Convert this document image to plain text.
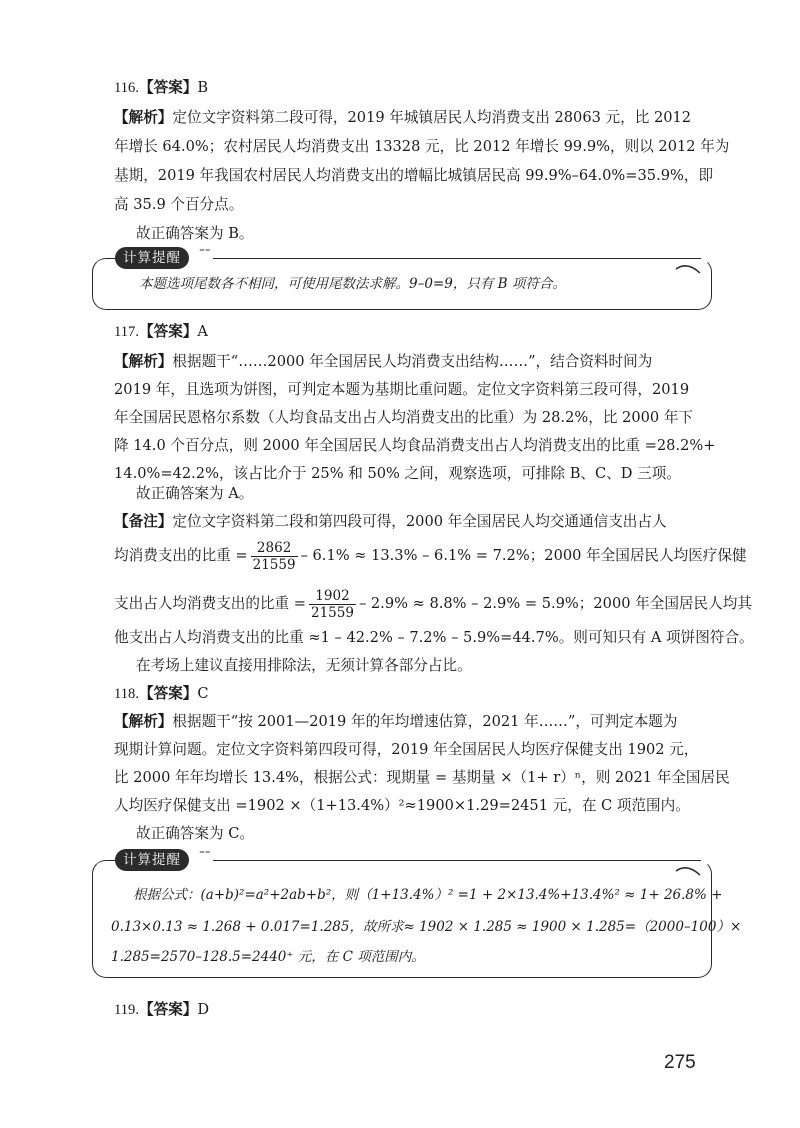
116.【答案】B
【解析】定位文字资料第二段可得，2019 年城镇居民人均消费支出 28063 元，比 2012
年增长 64.0%；农村居民人均消费支出 13328 元，比 2012 年增长 99.9%，则以 2012 年为
基期，2019 年我国农村居民人均消费支出的增幅比城镇居民高 99.9%–64.0%=35.9%，即
高 35.9 个百分点。
故正确答案为 B。
计算提醒	⁼⁼
本题选项尾数各不相同，可使用尾数法求解。9–0=9，只有 B 项符合。
117.【答案】A
【解析】根据题干“……2000 年全国居民人均消费支出结构……”，结合资料时间为
2019 年，且选项为饼图，可判定本题为基期比重问题。定位文字资料第三段可得，2019
年全国居民恩格尔系数（人均食品支出占人均消费支出的比重）为 28.2%，比 2000 年下
降 14.0 个百分点，则 2000 年全国居民人均食品消费支出占人均消费支出的比重 =28.2%+
14.0%=42.2%，该占比介于 25% 和 50% 之间，观察选项，可排除 B、C、D 三项。
故正确答案为 A。
【备注】定位文字资料第二段和第四段可得，2000 年全国居民人均交通通信支出占人
均消费支出的比重 = $\frac{2862}{21559} - 6.1\% \approx 13.3\% - 6.1\% = 7.2\%$；2000 年全国居民人均医疗保健
支出占人均消费支出的比重 = $\frac{1902}{21559} - 2.9\% \approx 8.8\% - 2.9\% = 5.9\%$；2000 年全国居民人均其
他支出占人均消费支出的比重 ≈1 – 42.2% – 7.2% – 5.9%=44.7%。则可知只有 A 项饼图符合。
在考场上建议直接用排除法，无须计算各部分占比。
118.【答案】C
【解析】根据题干“按 2001—2019 年的年均增速估算，2021 年……”，可判定本题为
现期计算问题。定位文字资料第四段可得，2019 年全国居民人均医疗保健支出 1902 元，
比 2000 年年均增长 13.4%，根据公式：现期量 = 基期量 ×（1+ r）ⁿ，则 2021 年全国居民
人均医疗保健支出 =1902 ×（1+13.4%）²≈1900×1.29=2451 元，在 C 项范围内。
故正确答案为 C。
计算提醒	⁼⁼
根据公式：(a+b)²=a²+2ab+b²，则（1+13.4%）² =1 + 2×13.4%+13.4%² ≈ 1+ 26.8% +
0.13×0.13 ≈ 1.268 + 0.017=1.285，故所求≈ 1902 × 1.285 ≈ 1900 × 1.285=（2000–100）×
1.285=2570–128.5=2440⁺ 元，在 C 项范围内。
119.【答案】D
275
